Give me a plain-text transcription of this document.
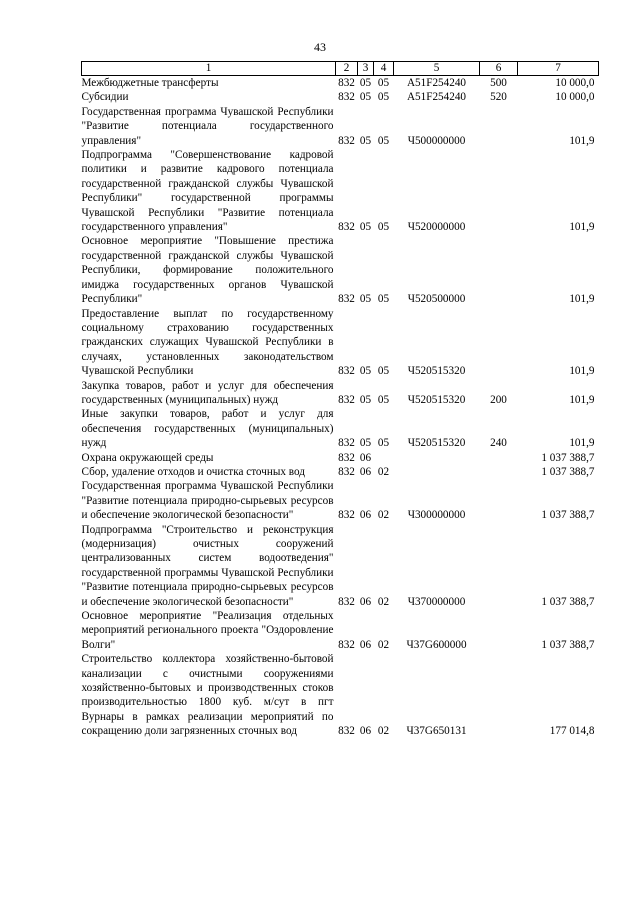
43
1	2	3	4	5	6	7
Межбюджетные трансферты	832	05	05	А51F254240	500	10 000,0
Субсидии	832	05	05	А51F254240	520	10 000,0
Государственная программа Чувашской Республики "Развитие потенциала государственного управления"	832	05	05	Ч500000000		101,9
Подпрограмма "Совершенствование кадровой политики и развитие кадрового потенциала государственной гражданской службы Чувашской Республики" государственной программы Чувашской Республики "Развитие потенциала государственного управления"	832	05	05	Ч520000000		101,9
Основное мероприятие "Повышение престижа государственной гражданской службы Чувашской Республики, формирование положительного имиджа государственных органов Чувашской Республики"	832	05	05	Ч520500000		101,9
Предоставление выплат по государственному социальному страхованию государственных гражданских служащих Чувашской Республики в случаях, установленных законодательством Чувашской Республики	832	05	05	Ч520515320		101,9
Закупка товаров, работ и услуг для обеспечения государственных (муниципальных) нужд	832	05	05	Ч520515320	200	101,9
Иные закупки товаров, работ и услуг для обеспечения государственных (муниципальных) нужд	832	05	05	Ч520515320	240	101,9
Охрана окружающей среды	832	06				1 037 388,7
Сбор, удаление отходов и очистка сточных вод	832	06	02			1 037 388,7
Государственная программа Чувашской Республики "Развитие потенциала природно-сырьевых ресурсов и обеспечение экологической безопасности"	832	06	02	Ч300000000		1 037 388,7
Подпрограмма "Строительство и реконструкция (модернизация) очистных сооружений централизованных систем водоотведения" государственной программы Чувашской Республики "Развитие потенциала природно-сырьевых ресурсов и обеспечение экологической безопасности"	832	06	02	Ч370000000		1 037 388,7
Основное мероприятие "Реализация отдельных мероприятий регионального проекта "Оздоровление Волги"	832	06	02	Ч37G600000		1 037 388,7
Строительство коллектора хозяйственно-бытовой канализации с очистными сооружениями хозяйственно-бытовых и производственных стоков производительностью 1800 куб. м/сут в пгт Вурнары в рамках реализации мероприятий по сокращению доли загрязненных сточных вод	832	06	02	Ч37G650131		177 014,8
